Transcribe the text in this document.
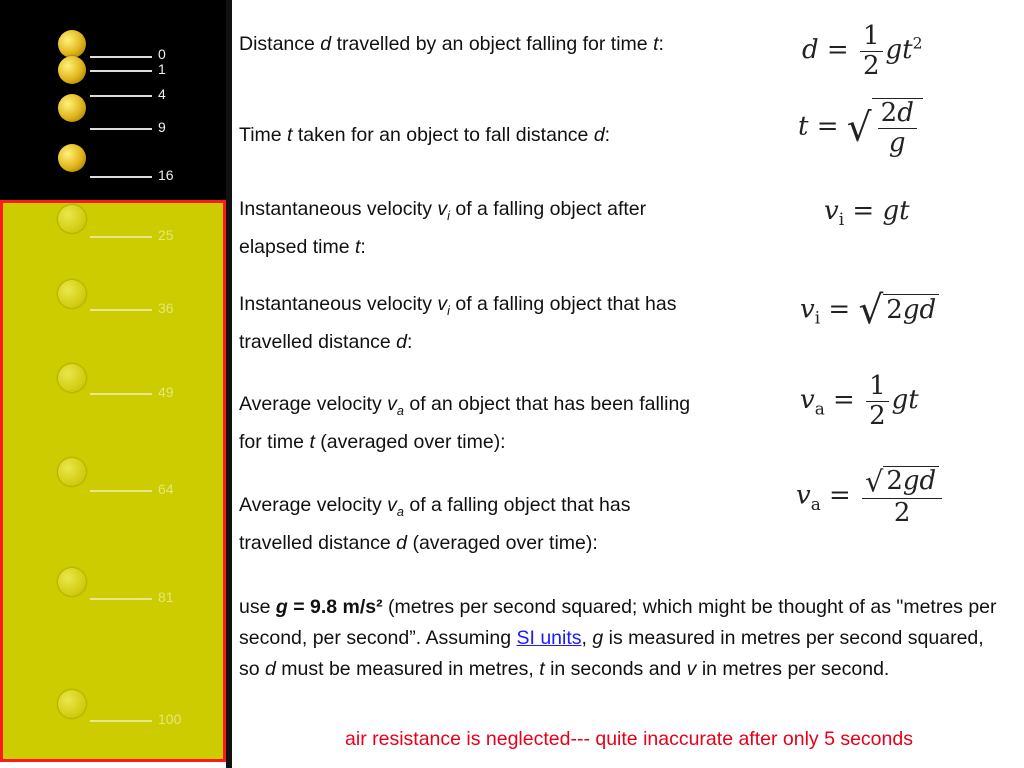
0
1
4
9
16
25
36
49
64
81
100
Distance d travelled by an object falling for time t:
Time t taken for an object to fall distance d:
Instantaneous velocity $v_i$ of a falling object after elapsed time t:
Instantaneous velocity $v_i$ of a falling object that has travelled distance d:
Average velocity $v_a$ of an object that has been falling for time t (averaged over time):
Average velocity $v_a$ of a falling object that has travelled distance d (averaged over time):
$d = \frac{1}{2} gt^2$
t = √ $\frac{2d}{g}$
$v_i$ = gt
$v_i$ = √ 2gd
$v_a = \frac{1}{2}$ gt
$v_a = \frac{√ 2gd}{2}$
use g = 9.8 m/s² (metres per second squared; which might be thought of as "metres per second, per second”. Assuming SI units, g is measured in metres per second squared, so d must be measured in metres, t in seconds and v in metres per second.
air resistance is neglected--- quite inaccurate after only 5 seconds
